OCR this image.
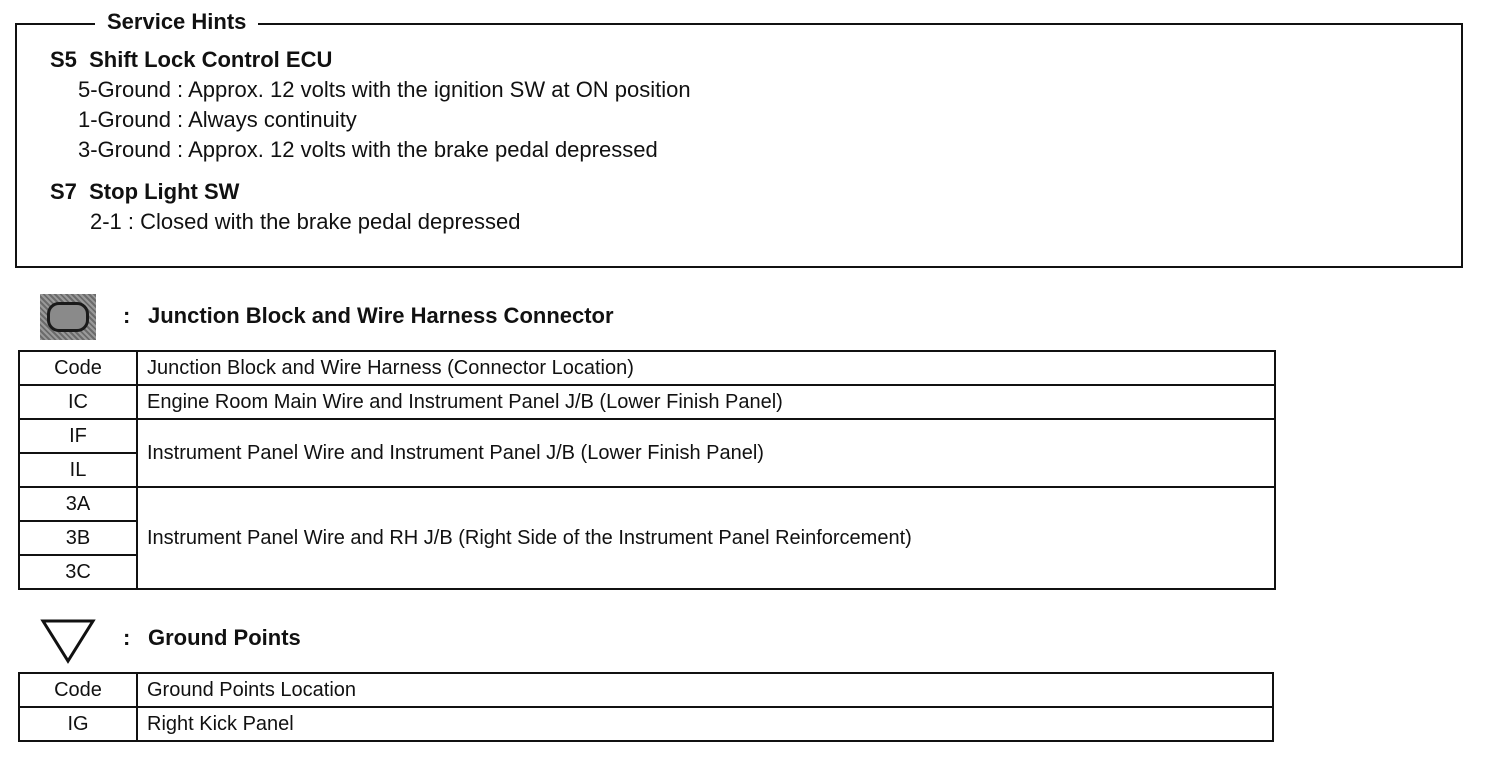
S5  Shift Lock Control ECU
5-Ground : Approx. 12 volts with the ignition SW at ON position
1-Ground : Always continuity
3-Ground : Approx. 12 volts with the brake pedal depressed
S7  Stop Light SW
2-1 : Closed with the brake pedal depressed
Service Hints
: Junction Block and Wire Harness Connector
Code	Junction Block and Wire Harness (Connector Location)
IC	Engine Room Main Wire and Instrument Panel J/B (Lower Finish Panel)
IF	Instrument Panel Wire and Instrument Panel J/B (Lower Finish Panel)
IL	
3A	Instrument Panel Wire and RH J/B (Right Side of the Instrument Panel Reinforcement)
3B	
3C	
: Ground Points
Code	Ground Points Location
IG	Right Kick Panel
